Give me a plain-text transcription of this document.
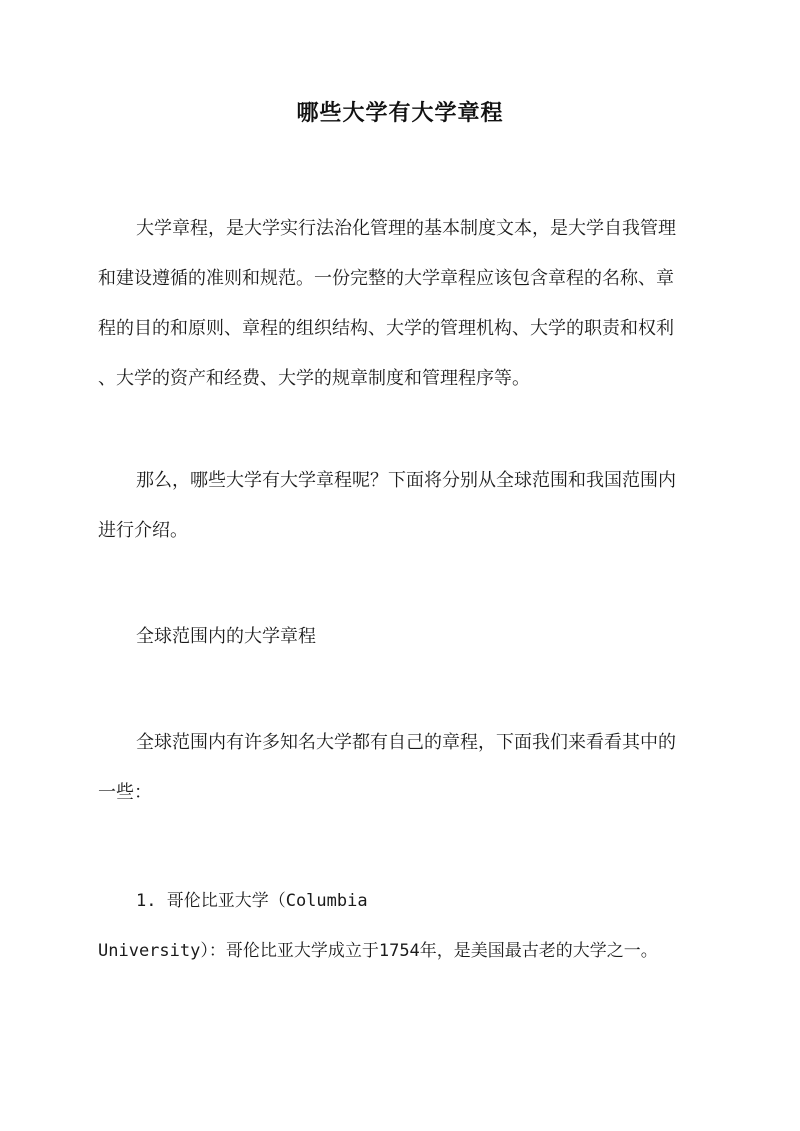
哪些大学有大学章程
大学章程，是大学实行法治化管理的基本制度文本，是大学自我管理
和建设遵循的准则和规范。一份完整的大学章程应该包含章程的名称、章
程的目的和原则、章程的组织结构、大学的管理机构、大学的职责和权利
、大学的资产和经费、大学的规章制度和管理程序等。
那么，哪些大学有大学章程呢？下面将分别从全球范围和我国范围内
进行介绍。
全球范围内的大学章程
全球范围内有许多知名大学都有自己的章程，下面我们来看看其中的
一些：
1. 哥伦比亚大学（Columbia
University）：哥伦比亚大学成立于1754年，是美国最古老的大学之一。
